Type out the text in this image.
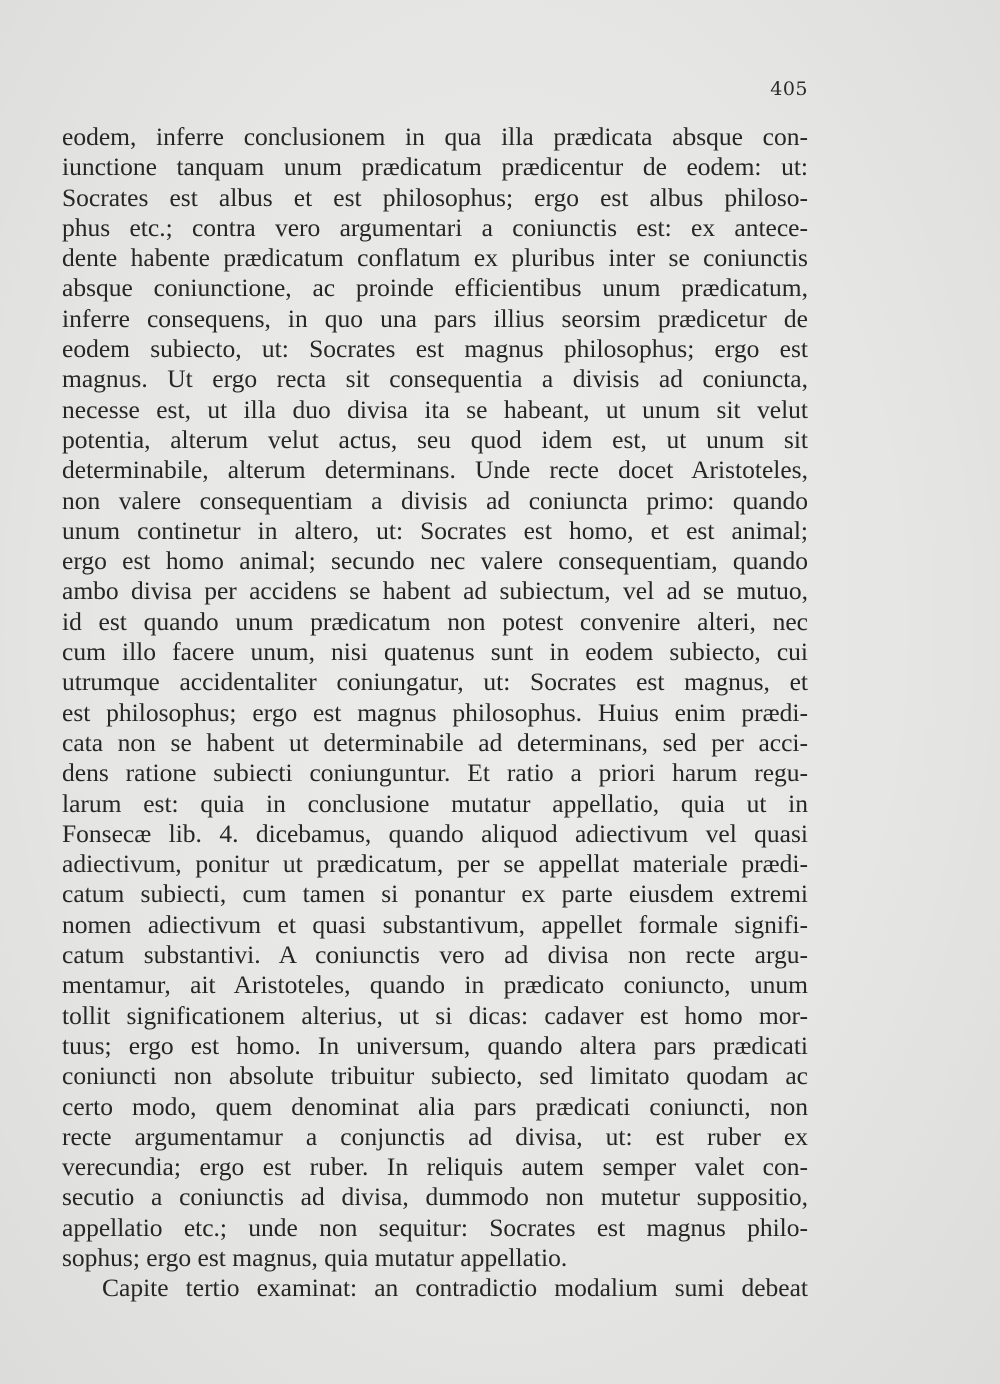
405
eodem, inferre conclusionem in qua illa prædicata absque con-
iunctione tanquam unum prædicatum prædicentur de eodem: ut:
Socrates est albus et est philosophus; ergo est albus philoso-
phus etc.; contra vero argumentari a coniunctis est: ex antece-
dente habente prædicatum conflatum ex pluribus inter se coniunctis
absque coniunctione, ac proinde efficientibus unum prædicatum,
inferre consequens, in quo una pars illius seorsim prædicetur de
eodem subiecto, ut: Socrates est magnus philosophus; ergo est
magnus. Ut ergo recta sit consequentia a divisis ad coniuncta,
necesse est, ut illa duo divisa ita se habeant, ut unum sit velut
potentia, alterum velut actus, seu quod idem est, ut unum sit
determinabile, alterum determinans. Unde recte docet Aristoteles,
non valere consequentiam a divisis ad coniuncta primo: quando
unum continetur in altero, ut: Socrates est homo, et est animal;
ergo est homo animal; secundo nec valere consequentiam, quando
ambo divisa per accidens se habent ad subiectum, vel ad se mutuo,
id est quando unum prædicatum non potest convenire alteri, nec
cum illo facere unum, nisi quatenus sunt in eodem subiecto, cui
utrumque accidentaliter coniungatur, ut: Socrates est magnus, et
est philosophus; ergo est magnus philosophus. Huius enim prædi-
cata non se habent ut determinabile ad determinans, sed per acci-
dens ratione subiecti coniunguntur. Et ratio a priori harum regu-
larum est: quia in conclusione mutatur appellatio, quia ut in
Fonsecæ lib. 4. dicebamus, quando aliquod adiectivum vel quasi
adiectivum, ponitur ut prædicatum, per se appellat materiale prædi-
catum subiecti, cum tamen si ponantur ex parte eiusdem extremi
nomen adiectivum et quasi substantivum, appellet formale signifi-
catum substantivi. A coniunctis vero ad divisa non recte argu-
mentamur, ait Aristoteles, quando in prædicato coniuncto, unum
tollit significationem alterius, ut si dicas: cadaver est homo mor-
tuus; ergo est homo. In universum, quando altera pars prædicati
coniuncti non absolute tribuitur subiecto, sed limitato quodam ac
certo modo, quem denominat alia pars prædicati coniuncti, non
recte argumentamur a conjunctis ad divisa, ut: est ruber ex
verecundia; ergo est ruber. In reliquis autem semper valet con-
secutio a coniunctis ad divisa, dummodo non mutetur suppositio,
appellatio etc.; unde non sequitur: Socrates est magnus philo-
sophus; ergo est magnus, quia mutatur appellatio.
Capite tertio examinat: an contradictio modalium sumi debeat
